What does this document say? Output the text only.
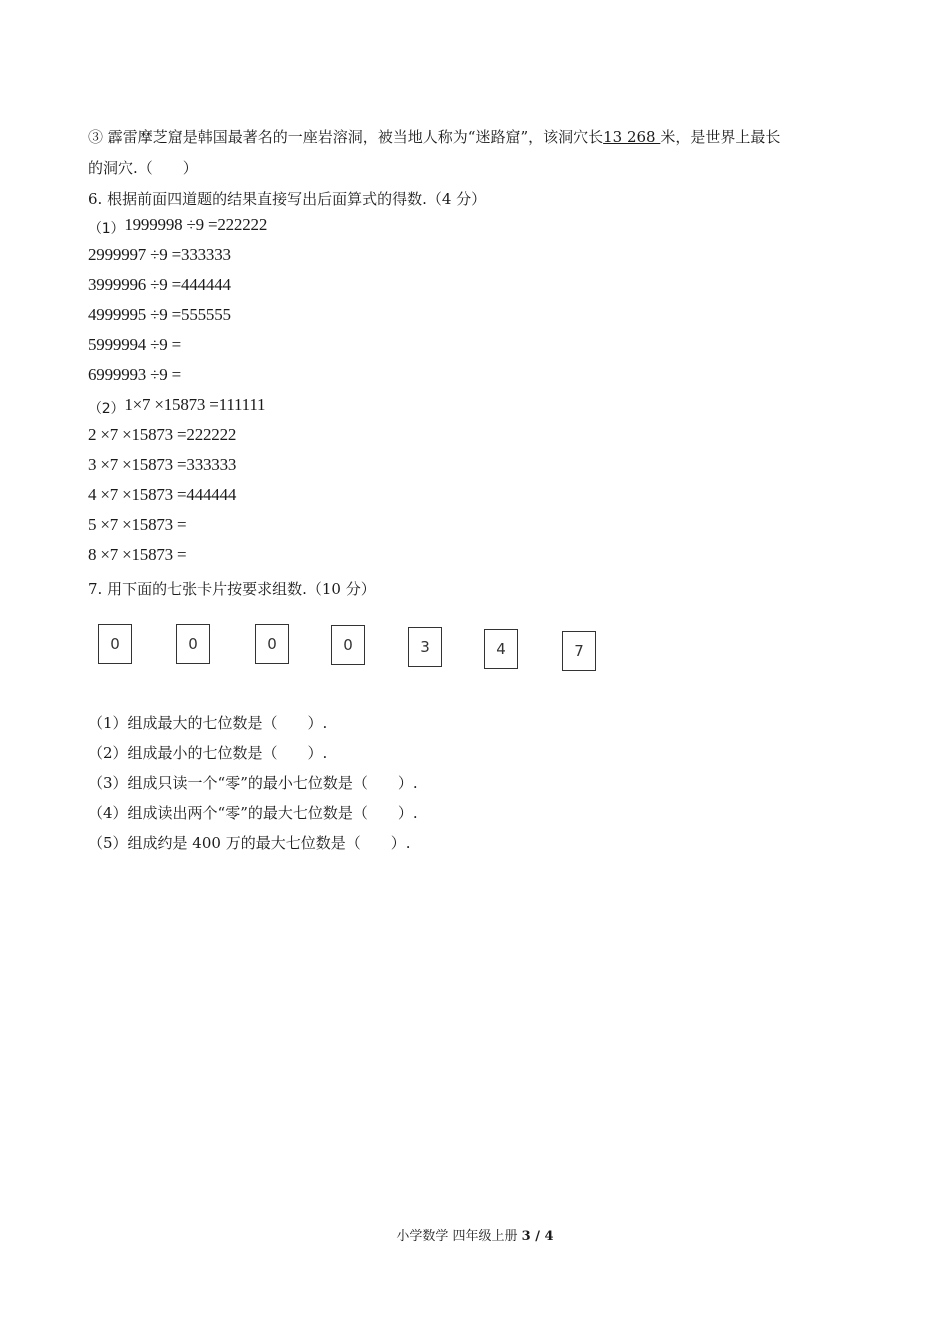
③ 霹雷摩芝窟是韩国最著名的一座岩溶洞，被当地人称为“迷路窟”，该洞穴长13 268 米，是世界上最长
的洞穴.（　　）
6. 根据前面四道题的结果直接写出后面算式的得数.（4 分）
（1）1999998 ÷9 =222222
2999997 ÷9 =333333
3999996 ÷9 =444444
4999995 ÷9 =555555
5999994 ÷9 =
6999993 ÷9 =
（2）1×7 ×15873 =111111
2 ×7 ×15873 =222222
3 ×7 ×15873 =333333
4 ×7 ×15873 =444444
5 ×7 ×15873 =
8 ×7 ×15873 =
7. 用下面的七张卡片按要求组数.（10 分）
0	0	0	0	3	4	7
（1）组成最大的七位数是（　　）.
（2）组成最小的七位数是（　　）.
（3）组成只读一个“零”的最小七位数是（　　）.
（4）组成读出两个“零”的最大七位数是（　　）.
（5）组成约是 400 万的最大七位数是（　　）.
小学数学 四年级上册 3 / 4
